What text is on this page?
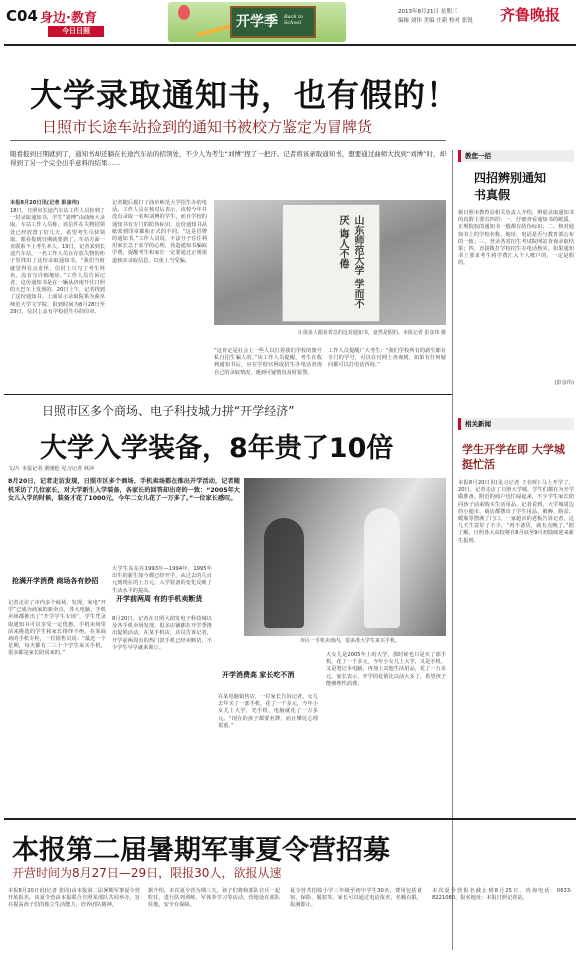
C04 身边·教育
今日日照
开学季 Back to School
2013年8月21日 星期三
编辑 刘伟 美编 庄新 校对 张锐 齐鲁晚报
大学录取通知书，也有假的！
日照市长途车站捡到的通知书被校方鉴定为冒牌货
眼看报到日期就到了，通知书却还躺在长途汽车站的招领处，不少人为考生“刘博”捏了一把汗。记者将该录取通知书，想要通过曲师大找到“刘博”时，却得到了另一个完全出乎意料的结果……
本报8月20日讯(记者 彭彦伟)
18日，日照市长途汽车站工作人员捡到了一封录取通知书，学生“刘博”由曲师大录取。车站工作人员称，该信件在失物招领处已经放置了好几天，希望考生尽快领取。眼看报到日期就要到了，车站方面一直联系不上考生本人。19日，记者来到长途汽车站，一名工作人员在存放失物的柜子里找出了这份录取通知书。“我们当时就觉得有点奇怪，信封上只写了考生姓名，没有写详细地址。”工作人员告诉记者，这份通知书是在一辆从济南开往日照的大巴车上发现的。20日上午，记者找到了这份通知书。上面显示录取院系为曲阜师范大学文学院，报到时间为8月28日至29日，信封上盖有学校招生办的印章。
记者随后拨打了曲阜师范大学招生办的电话。工作人员在核对后表示，该校今年并没有录取一名叫刘博的学生，而且学校的通知书有专门的防伪标识，这份通知书从纸张到印章都和正式的不同。“这是冒牌的通知书。”工作人员说，不法分子往往利用家长急于求学的心理，伪造通知书骗取学费，提醒考生和家长一定要通过正规渠道核实录取信息，以免上当受骗。	山东师范大学 学而不厌 诲人不倦
让很多人眼看着急的这封通知书，竟然是假的。本报记者 彭彦伟 摄
“这肯定是社会上一些人以打着我们学校的旗号私自招生骗人的。”该工作人员提醒，考生在收到通知书后，应在学校官网或招生办电话查询自己的录取情况，遇到可疑情况及时报警。
工作人员提醒广大考生：“我们学校所有的新生都有专门的学号，可以在官网上查询到，如果有任何疑问都可以打电话咨询。”
教您一招
四招辨别通知书真假
据日照市教育局相关负责人介绍，辨别录取通知书的真假主要有四招：一、仔细查看通知书的纸质，正规院校的通知书一般都有防伪标识；二、核对通知书上的学校名称、地址、电话是否与教育部公布的一致；三、登录各省招生考试院网站查询录取结果；四、直接拨打学校招生办电话核实。如果通知书上要求考生将学费汇入个人账户的，一定是假的。
(彭彦伟)
日照市区多个商场、电子科技城力拼“开学经济”
大学入学装备，8年贵了10倍
文/片 本报记者 栗刚伦 见习记者 林萍
8月20日，记者走访发现，日照市区多个商场、手机卖场都在推出开学活动，记者随机采访了几位家长，对大学新生入学装备，各家长的回答却出奇的一致：“2005年大女儿入学的时候，装备才花了1000元，今年二女儿花了一万多了。”一位家长感叹。
抢满开学消费 商场各有妙招
记者走访了市内多个商场，发现，家电“开学”已成为商家的新卖点，各大电脑、手机卖场都推出了“开学学生专场”，学生凭录取通知书可以享受一定优惠。手机卖场里前来挑选的学生和家长络绎不绝。在某商场的手机专柜，一位销售员说：“最近一个星期，每天都有二三十个学生来买手机，很多都是家长陪同来的。”
大学生东东在1993年—1994年，1995年出生的新生如今都已经开学。从过去的几百元到现在的上万元，入学装备的变化反映了生活水平的提高。
开学前两周 有的手机卖断货
8月20日，记者在日照大润发电子科技城以及各手机卖场发现，很多店铺都在开学季推出促销活动。在某手机店，店员告诉记者，开学前两周有的热门款手机已经卖断货，不少学生早早就来预订。
市区一手机卖场内，很多准大学生来买手机。
开学消费高 家长吃不消
在某电脑销售店，一位家长告诉记者，女儿去年买了一部手机，花了一千多元，今年小女儿上大学，光手机、电脑就花了一万多元。“现在的孩子都要名牌，而且攀比心理很重。”
大女儿是2005年上的大学，那时候也只是买了部手机，花了一千多元，今年小女儿上大学，又是手机、又是笔记本电脑，再加上其他生活用品，花了一万多元。家长表示，开学的花销比以前大多了，希望孩子能够理性消费。
相关新闻
学生开学在即 大学城挺忙活
本报8月20日讯(见习记者 王在晖) 马上开学了，20日，记者走访了日照大学城，学生们都在为开学做准备。附近的商户也忙碌起来，不少学生家长陪同孩子前来购买生活用品。记者看到，大学城周边的小超市、商店都摆出了学生用品，被褥、脸盆、暖瓶等摆满了门口。一家超市的老板告诉记者，这几天生意好了不少，“再不备货，就有点晚了。”据了解，日照各大高校将在8月底至9月初陆续迎来新生报到。
本报第二届暑期军事夏令营招募
开营时间为8月27日—29日，限报30人，欲报从速
本报8月20日讯(记者 张同)由本报第二届暑期军事夏令营开始报名，该夏令营由本报联合日照某部队共同举办，旨在提高孩子们的独立生活能力，培养团队精神。
据介绍，本次夏令营为期三天，孩子们将和部队官兵一起吃住，进行队列训练、军体拳学习等活动。营地设在部队驻地，安全有保障。
夏令营共招收小学三年级至初中学生30名，费用包括食宿、保险、服装等。家长可以通过电话报名，名额有限，报满即止。
本次夏令营报名截止到8月25日，咨询电话：0633-8221080。报名地址：本报日照记者站。
